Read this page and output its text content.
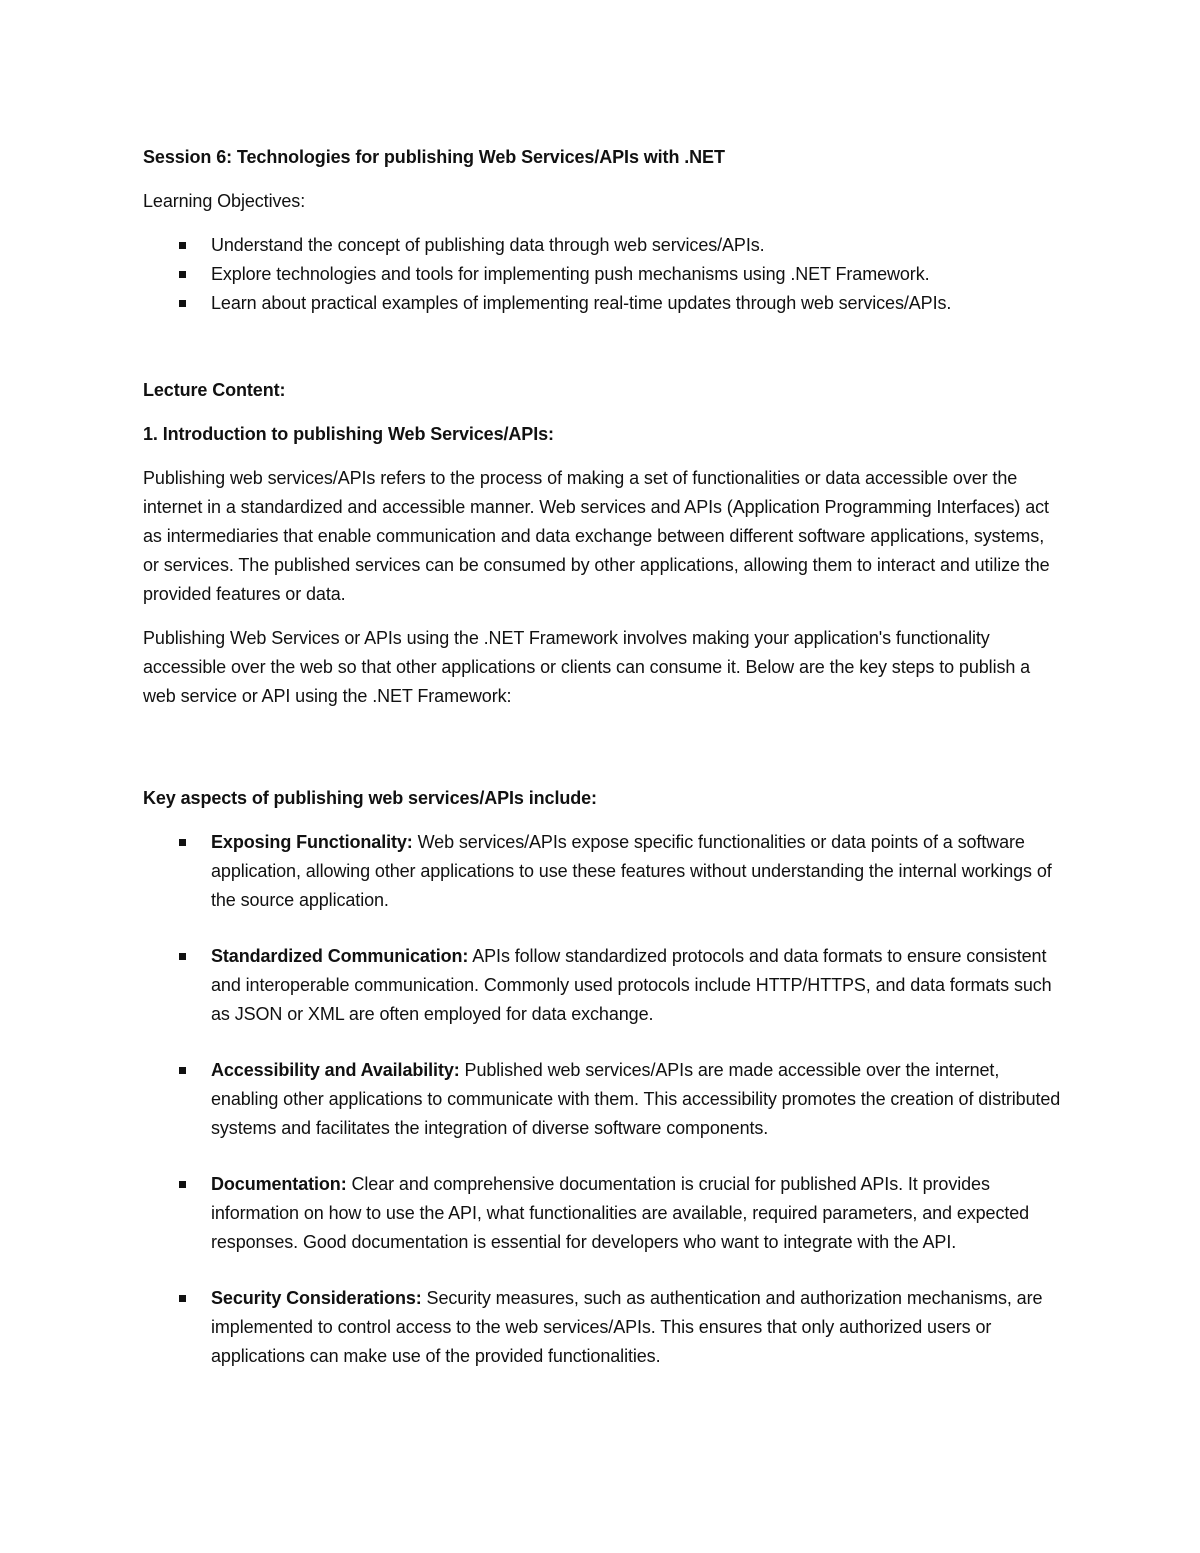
Session 6: Technologies for publishing Web Services/APIs with .NET
Learning Objectives:
Understand the concept of publishing data through web services/APIs.
Explore technologies and tools for implementing push mechanisms using .NET Framework.
Learn about practical examples of implementing real-time updates through web services/APIs.
Lecture Content:
1. Introduction to publishing Web Services/APIs:
Publishing web services/APIs refers to the process of making a set of functionalities or data accessible over the internet in a standardized and accessible manner. Web services and APIs (Application Programming Interfaces) act as intermediaries that enable communication and data exchange between different software applications, systems, or services. The published services can be consumed by other applications, allowing them to interact and utilize the provided features or data.
Publishing Web Services or APIs using the .NET Framework involves making your application's functionality accessible over the web so that other applications or clients can consume it. Below are the key steps to publish a web service or API using the .NET Framework:
Key aspects of publishing web services/APIs include:
Exposing Functionality: Web services/APIs expose specific functionalities or data points of a software application, allowing other applications to use these features without understanding the internal workings of the source application.
Standardized Communication: APIs follow standardized protocols and data formats to ensure consistent and interoperable communication. Commonly used protocols include HTTP/HTTPS, and data formats such as JSON or XML are often employed for data exchange.
Accessibility and Availability: Published web services/APIs are made accessible over the internet, enabling other applications to communicate with them. This accessibility promotes the creation of distributed systems and facilitates the integration of diverse software components.
Documentation: Clear and comprehensive documentation is crucial for published APIs. It provides information on how to use the API, what functionalities are available, required parameters, and expected responses. Good documentation is essential for developers who want to integrate with the API.
Security Considerations: Security measures, such as authentication and authorization mechanisms, are implemented to control access to the web services/APIs. This ensures that only authorized users or applications can make use of the provided functionalities.
